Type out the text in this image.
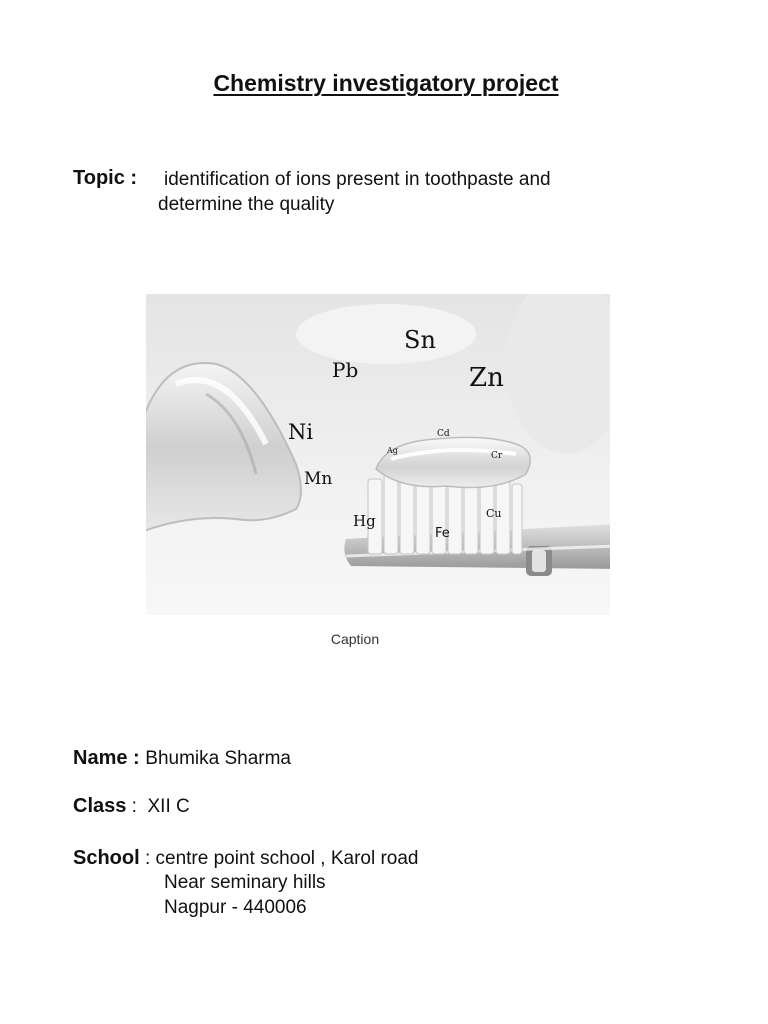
Chemistry investigatory project
Topic :	identification of ions present in toothpaste and
determine the quality
Sn
Pb	Zn
Ni	Cd
Ag
Cr
Mn
Hg	Cu
Fe
Caption
Name : Bhumika Sharma
Class :  XII C
School : centre point school , Karol road
Near seminary hills
Nagpur - 440006
